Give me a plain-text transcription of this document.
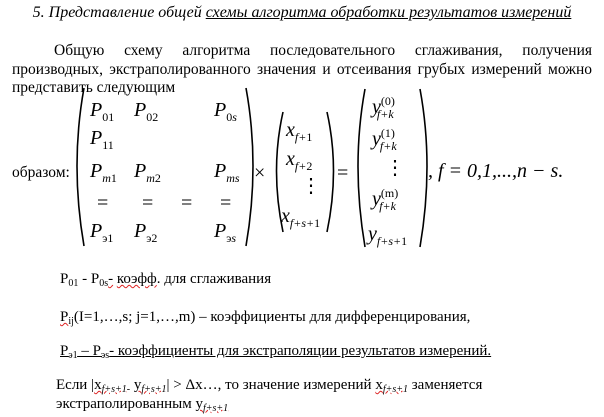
5. Представление общей схемы алгоритма обработки результатов измерений
Общую схему алгоритма последовательного сглаживания, получения
производных, экстраполированного значения и отсеивания грубых измерений можно
представить следующим
образом:
$P_{01}$ $P_{02}$	$P_{0s}$
$P_{11}$
$P_{m1}$ $P_{m2}$	$P_{ms}$
= = = =
$P_{э1}$ $P_{э2}$	$P_{эs}$
×
$x_{f+1}$
$x_{f+2}$
⋮
$x_{f+s+1}$
=
$y^{(0)}_{f+k}$
$y^{(1)}_{f+k}$
⋮
$y^{(m)}_{f+k}$
$y_{f+s+1}$
, f = 0,1,...,n − s.
$P_{01} - P_{0s}-$ коэфф. для сглаживания
$P_{ij}(I=1,\dots,s$; j=1,…,m) – коэффициенты для дифференцирования,
$P_{э1} - P_{эs}-$ коэффициенты для экстраполяции результатов измерений.
Если $|x_{f+s+1-}$ $y_{f+s+1}|$ > Δx…, то значение измерений $x_{f+s+1}$ заменяется
экстраполированным $y_{f+s+1}$
